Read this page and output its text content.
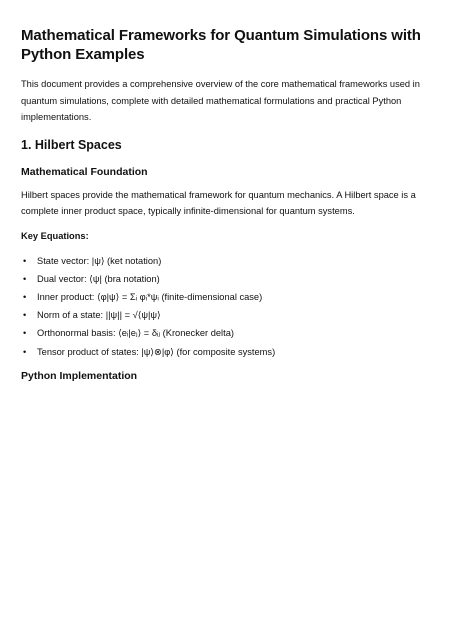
Mathematical Frameworks for Quantum Simulations with Python Examples

This document provides a comprehensive overview of the core mathematical frameworks used in quantum simulations, complete with detailed mathematical formulations and practical Python implementations.

1. Hilbert Spaces
Mathematical Foundation

Hilbert spaces provide the mathematical framework for quantum mechanics. A Hilbert space is a complete inner product space, typically infinite-dimensional for quantum systems.

Key Equations:
• State vector: |ψ⟩ (ket notation)
• Dual vector: ⟨ψ| (bra notation)
• Inner product: ⟨φ|ψ⟩ = Σᵢ φᵢ*ψᵢ (finite-dimensional case)
• Norm of a state: ||ψ|| = √⟨ψ|ψ⟩
• Orthonormal basis: ⟨eᵢ|eⱼ⟩ = δᵢⱼ (Kronecker delta)
• Tensor product of states: |ψ⟩⊗|φ⟩ (for composite systems)
Python Implementation
